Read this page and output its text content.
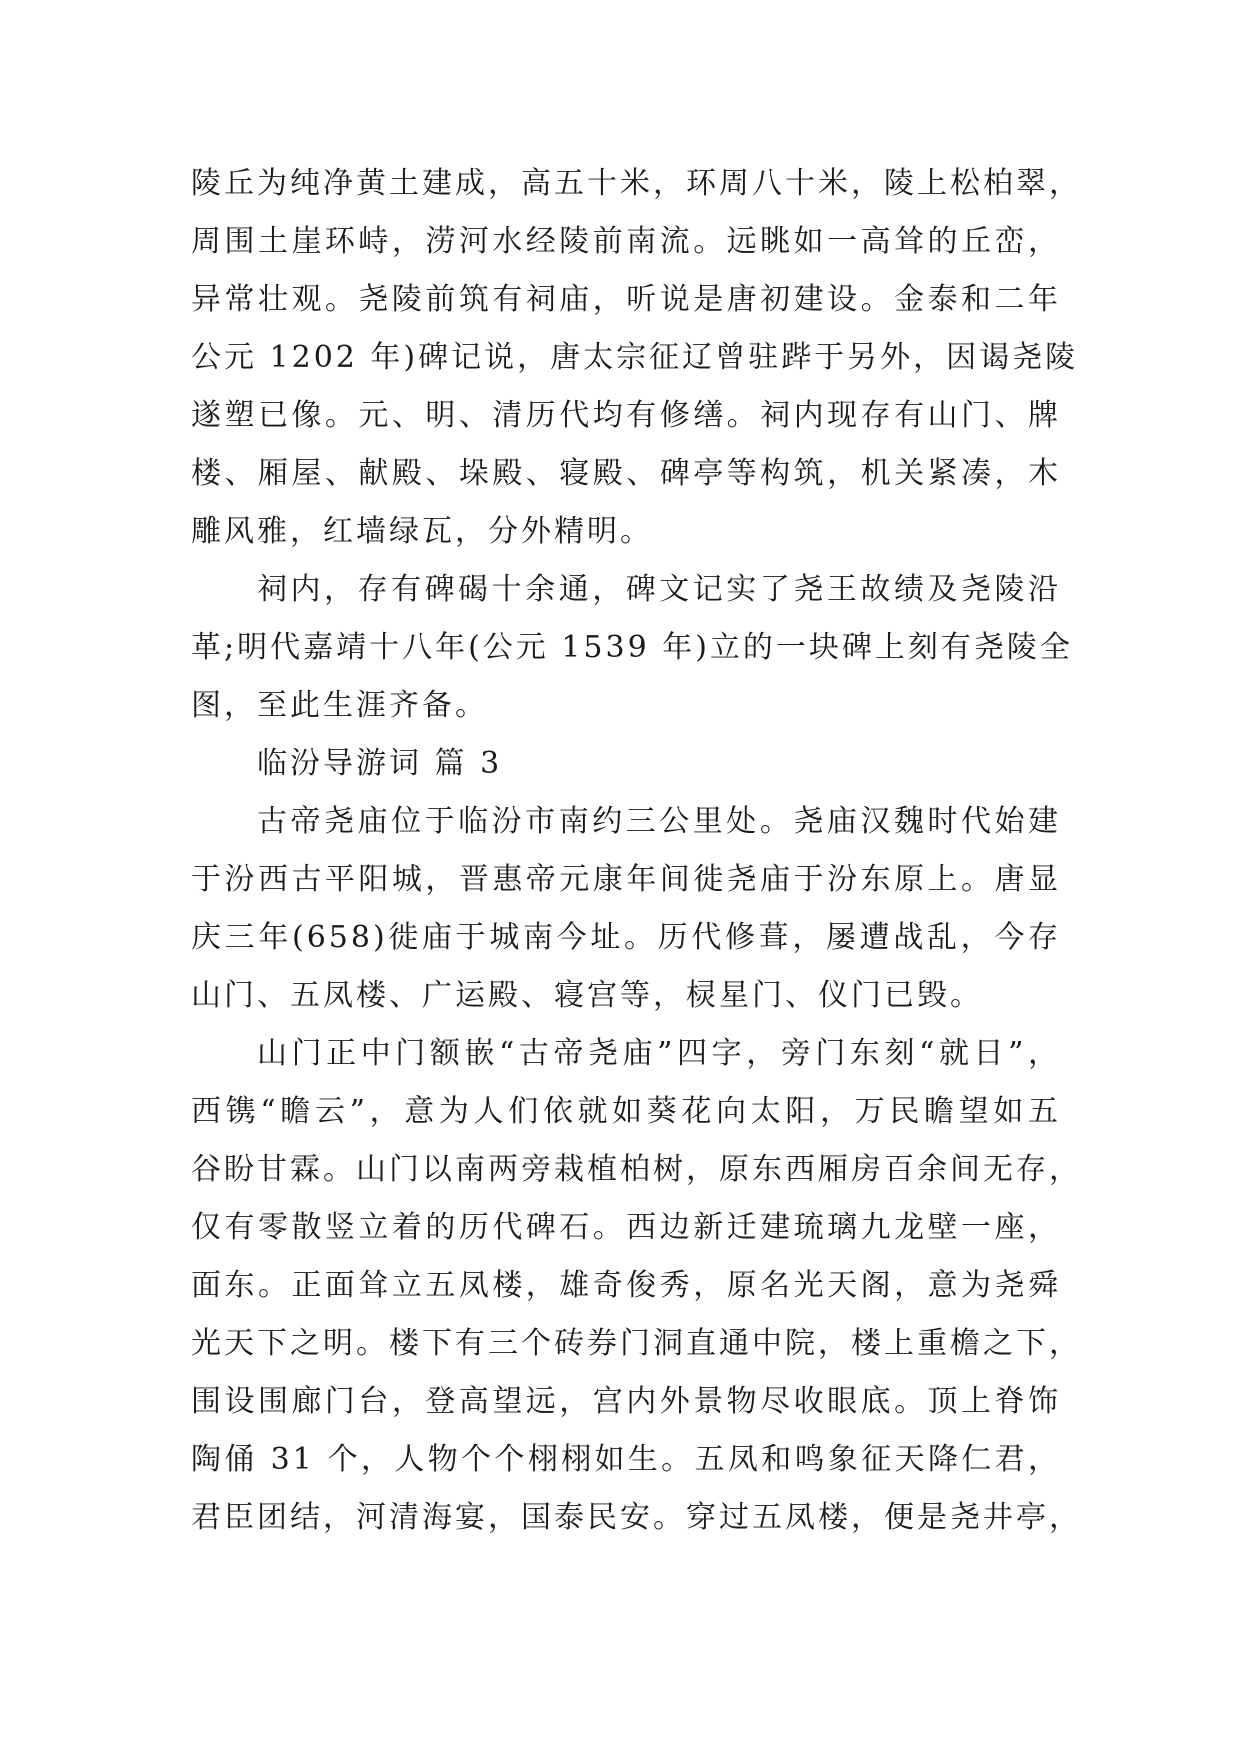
陵丘为纯净黄土建成，高五十米，环周八十米，陵上松柏翠，
周围土崖环峙，涝河水经陵前南流。远眺如一高耸的丘峦，
异常壮观。尧陵前筑有祠庙，听说是唐初建设。金泰和二年
公元 1202 年)碑记说，唐太宗征辽曾驻跸于另外，因谒尧陵
遂塑已像。元、明、清历代均有修缮。祠内现存有山门、牌
楼、厢屋、献殿、垛殿、寝殿、碑亭等构筑，机关紧凑，木
雕风雅，红墙绿瓦，分外精明。
祠内，存有碑碣十余通，碑文记实了尧王故绩及尧陵沿
革;明代嘉靖十八年(公元 1539 年)立的一块碑上刻有尧陵全
图，至此生涯齐备。
临汾导游词 篇 3
古帝尧庙位于临汾市南约三公里处。尧庙汉魏时代始建
于汾西古平阳城，晋惠帝元康年间徙尧庙于汾东原上。唐显
庆三年(658)徙庙于城南今址。历代修葺，屡遭战乱，今存
山门、五凤楼、广运殿、寝宫等，棂星门、仪门已毁。
山门正中门额嵌“古帝尧庙”四字，旁门东刻“就日”，
西镌“瞻云”，意为人们依就如葵花向太阳，万民瞻望如五
谷盼甘霖。山门以南两旁栽植柏树，原东西厢房百余间无存，
仅有零散竖立着的历代碑石。西边新迁建琉璃九龙壁一座，
面东。正面耸立五凤楼，雄奇俊秀，原名光天阁，意为尧舜
光天下之明。楼下有三个砖券门洞直通中院，楼上重檐之下，
围设围廊门台，登高望远，宫内外景物尽收眼底。顶上脊饰
陶俑 31 个，人物个个栩栩如生。五凤和鸣象征天降仁君，
君臣团结，河清海宴，国泰民安。穿过五凤楼，便是尧井亭，
